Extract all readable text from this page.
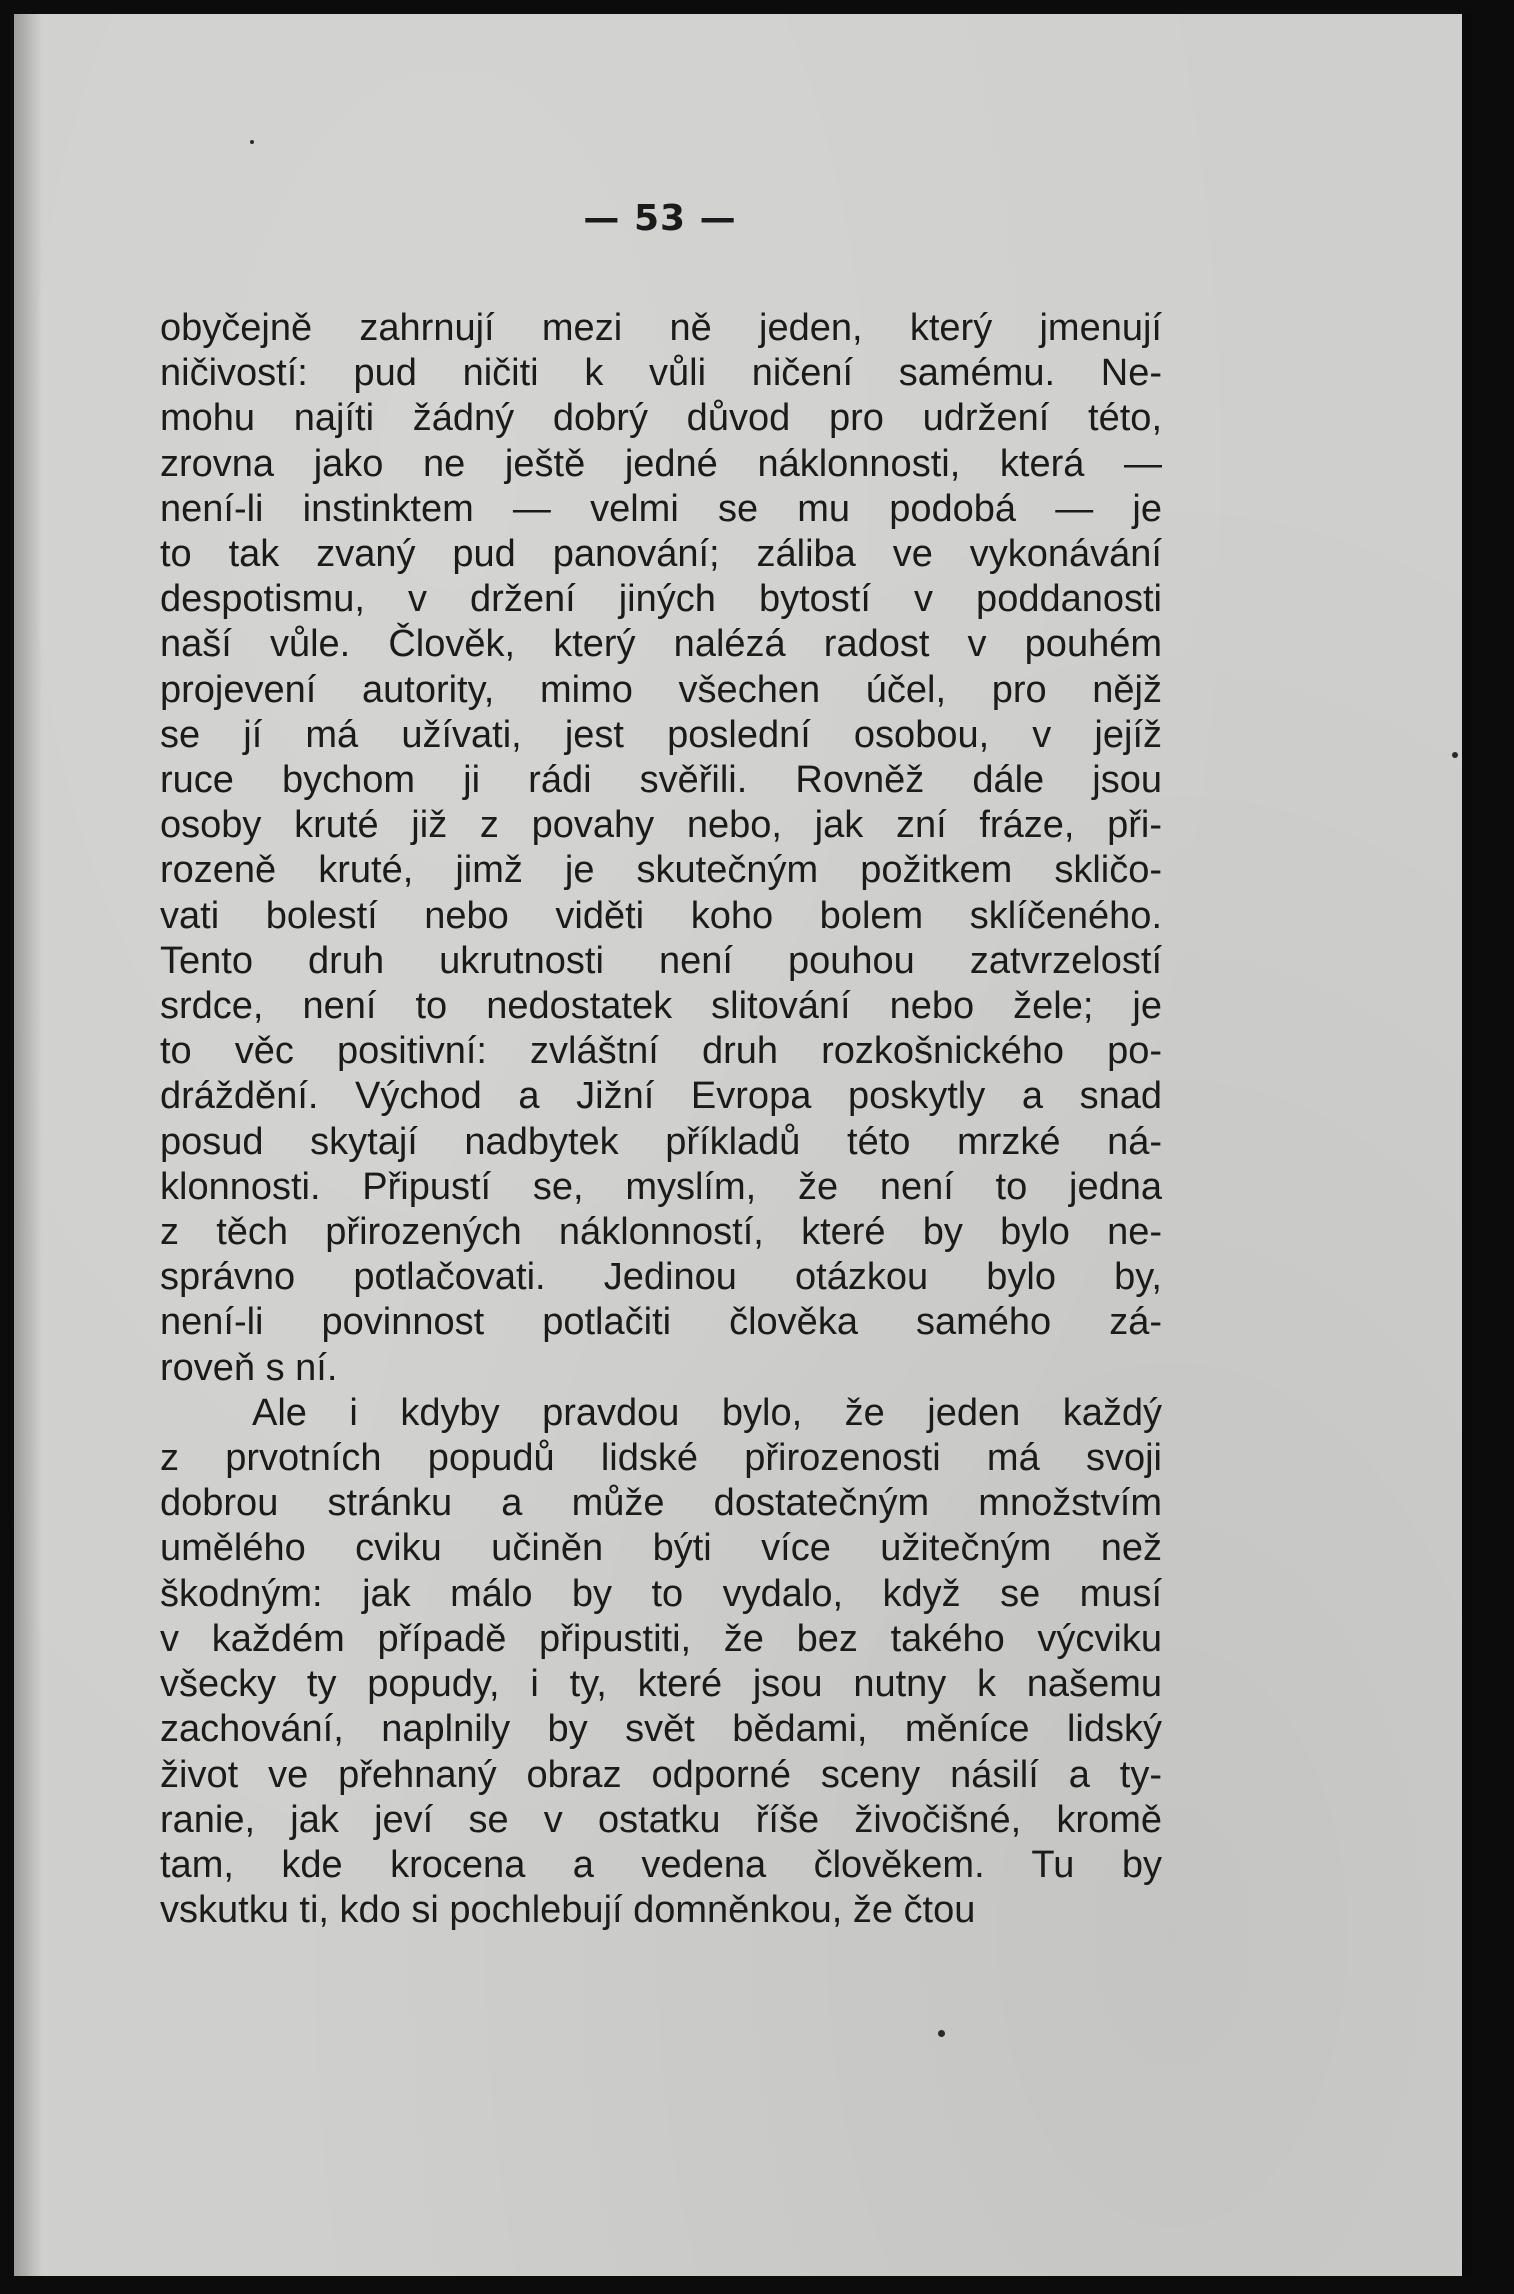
— 53 —
obyčejně zahrnují mezi ně jeden, který jmenují
ničivostí: pud ničiti k vůli ničení samému. Ne-
mohu najíti žádný dobrý důvod pro udržení této,
zrovna jako ne ještě jedné náklonnosti, která —
není-li instinktem — velmi se mu podobá — je
to tak zvaný pud panování; záliba ve vykonávání
despotismu, v držení jiných bytostí v poddanosti
naší vůle. Člověk, který nalézá radost v pouhém
projevení autority, mimo všechen účel, pro nějž
se jí má užívati, jest poslední osobou, v jejíž
ruce bychom ji rádi svěřili. Rovněž dále jsou
osoby kruté již z povahy nebo, jak zní fráze, při-
rozeně kruté, jimž je skutečným požitkem skličo-
vati bolestí nebo viděti koho bolem sklíčeného.
Tento druh ukrutnosti není pouhou zatvrzelostí
srdce, není to nedostatek slitování nebo žele; je
to věc positivní: zvláštní druh rozkošnického po-
dráždění. Východ a Jižní Evropa poskytly a snad
posud skytají nadbytek příkladů této mrzké ná-
klonnosti. Připustí se, myslím, že není to jedna
z těch přirozených náklonností, které by bylo ne-
správno potlačovati. Jedinou otázkou bylo by,
není-li povinnost potlačiti člověka samého zá-
roveň s ní.
Ale i kdyby pravdou bylo, že jeden každý
z prvotních popudů lidské přirozenosti má svoji
dobrou stránku a může dostatečným množstvím
umělého cviku učiněn býti více užitečným než
škodným: jak málo by to vydalo, když se musí
v každém případě připustiti, že bez takého výcviku
všecky ty popudy, i ty, které jsou nutny k našemu
zachování, naplnily by svět bědami, měníce lidský
život ve přehnaný obraz odporné sceny násilí a ty-
ranie, jak jeví se v ostatku říše živočišné, kromě
tam, kde krocena a vedena člověkem. Tu by
vskutku ti, kdo si pochlebují domněnkou, že čtou
